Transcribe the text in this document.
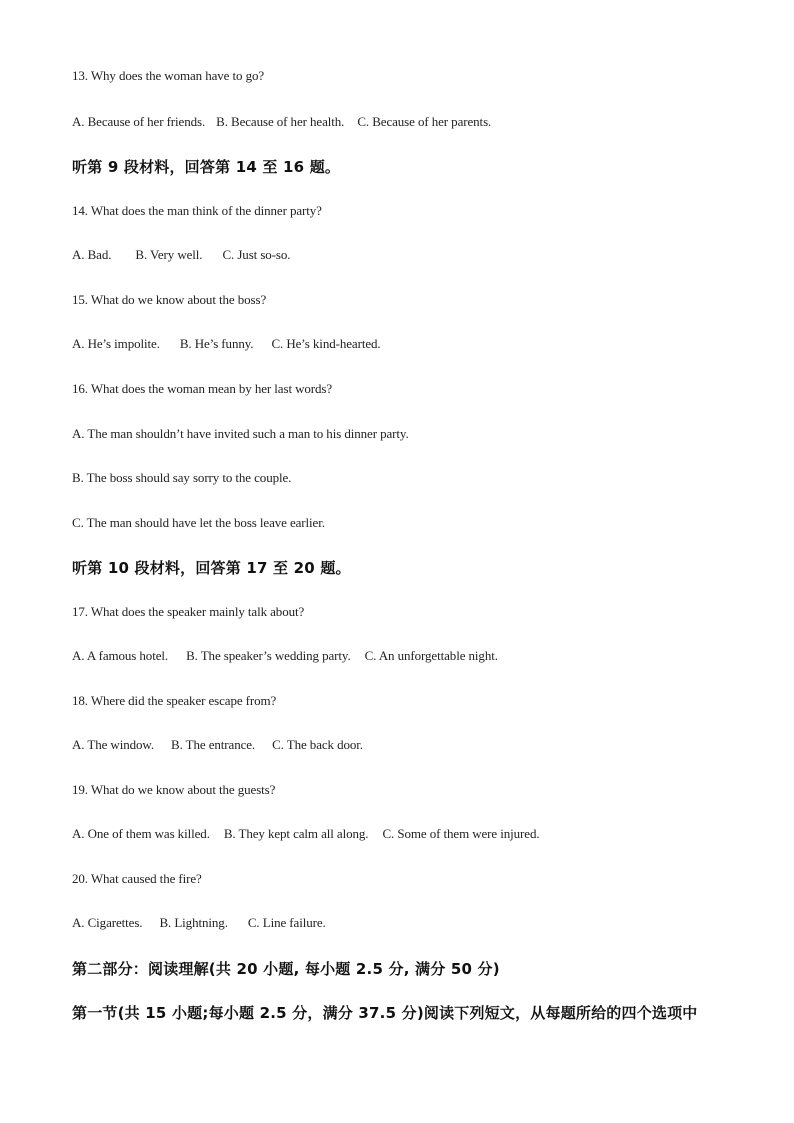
13. Why does the woman have to go?
A. Because of her friends. B. Because of her health. C. Because of her parents.
听第 9 段材料，回答第 14 至 16 题。
14. What does the man think of the dinner party?
A. Bad. B. Very well. C. Just so-so.
15. What do we know about the boss?
A. He’s impolite. B. He’s funny. C. He’s kind-hearted.
16. What does the woman mean by her last words?
A. The man shouldn’t have invited such a man to his dinner party.
B. The boss should say sorry to the couple.
C. The man should have let the boss leave earlier.
听第 10 段材料，回答第 17 至 20 题。
17. What does the speaker mainly talk about?
A. A famous hotel. B. The speaker’s wedding party. C. An unforgettable night.
18. Where did the speaker escape from?
A. The window. B. The entrance. C. The back door.
19. What do we know about the guests?
A. One of them was killed. B. They kept calm all along. C. Some of them were injured.
20. What caused the fire?
A. Cigarettes. B. Lightning. C. Line failure.
第二部分：阅读理解(共 20 小题, 每小题 2.5 分, 满分 50 分)
第一节(共 15 小题;每小题 2.5 分，满分 37.5 分)阅读下列短文，从每题所给的四个选项中
